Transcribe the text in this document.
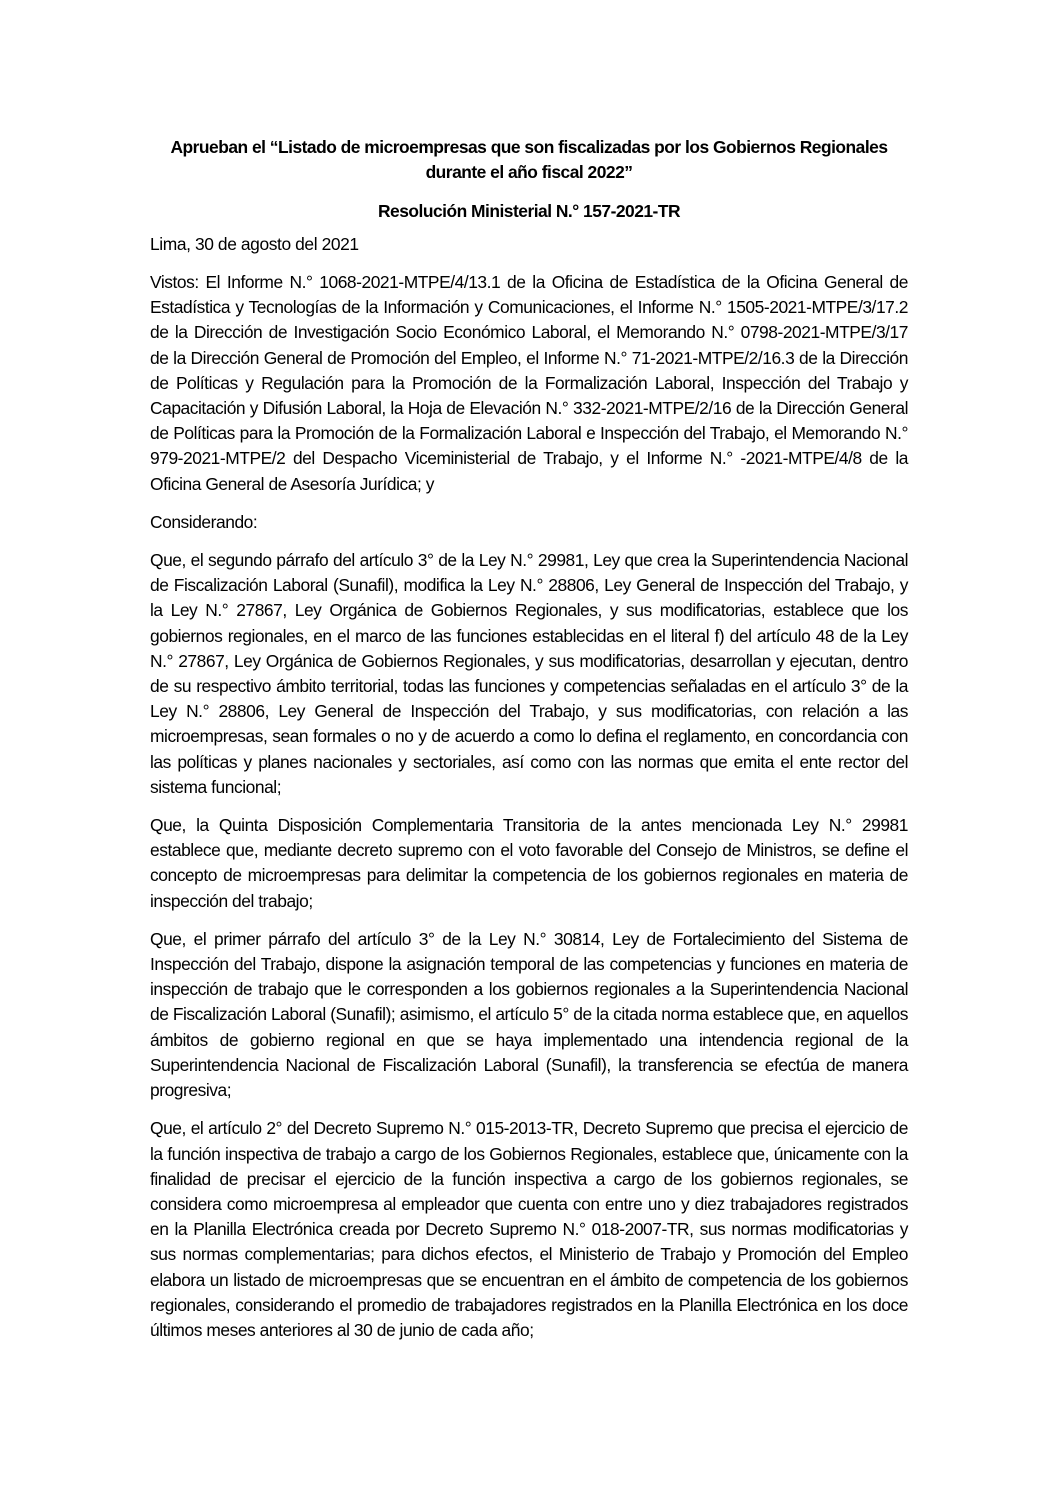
Aprueban el “Listado de microempresas que son fiscalizadas por los Gobiernos Regionales durante el año fiscal 2022”
Resolución Ministerial N.° 157-2021-TR
Lima, 30 de agosto del 2021
Vistos: El Informe N.° 1068-2021-MTPE/4/13.1 de la Oficina de Estadística de la Oficina General de Estadística y Tecnologías de la Información y Comunicaciones, el Informe N.° 1505-2021-MTPE/3/17.2 de la Dirección de Investigación Socio Económico Laboral, el Memorando N.° 0798-2021-MTPE/3/17 de la Dirección General de Promoción del Empleo, el Informe N.° 71-2021-MTPE/2/16.3 de la Dirección de Políticas y Regulación para la Promoción de la Formalización Laboral, Inspección del Trabajo y Capacitación y Difusión Laboral, la Hoja de Elevación N.° 332-2021-MTPE/2/16 de la Dirección General de Políticas para la Promoción de la Formalización Laboral e Inspección del Trabajo, el Memorando N.° 979-2021-MTPE/2 del Despacho Viceministerial de Trabajo, y el Informe N.° -2021-MTPE/4/8 de la Oficina General de Asesoría Jurídica; y
Considerando:
Que, el segundo párrafo del artículo 3° de la Ley N.° 29981, Ley que crea la Superintendencia Nacional de Fiscalización Laboral (Sunafil), modifica la Ley N.° 28806, Ley General de Inspección del Trabajo, y la Ley N.° 27867, Ley Orgánica de Gobiernos Regionales, y sus modificatorias, establece que los gobiernos regionales, en el marco de las funciones establecidas en el literal f) del artículo 48 de la Ley N.° 27867, Ley Orgánica de Gobiernos Regionales, y sus modificatorias, desarrollan y ejecutan, dentro de su respectivo ámbito territorial, todas las funciones y competencias señaladas en el artículo 3° de la Ley N.° 28806, Ley General de Inspección del Trabajo, y sus modificatorias, con relación a las microempresas, sean formales o no y de acuerdo a como lo defina el reglamento, en concordancia con las políticas y planes nacionales y sectoriales, así como con las normas que emita el ente rector del sistema funcional;
Que, la Quinta Disposición Complementaria Transitoria de la antes mencionada Ley N.° 29981 establece que, mediante decreto supremo con el voto favorable del Consejo de Ministros, se define el concepto de microempresas para delimitar la competencia de los gobiernos regionales en materia de inspección del trabajo;
Que, el primer párrafo del artículo 3° de la Ley N.° 30814, Ley de Fortalecimiento del Sistema de Inspección del Trabajo, dispone la asignación temporal de las competencias y funciones en materia de inspección de trabajo que le corresponden a los gobiernos regionales a la Superintendencia Nacional de Fiscalización Laboral (Sunafil); asimismo, el artículo 5° de la citada norma establece que, en aquellos ámbitos de gobierno regional en que se haya implementado una intendencia regional de la Superintendencia Nacional de Fiscalización Laboral (Sunafil), la transferencia se efectúa de manera progresiva;
Que, el artículo 2° del Decreto Supremo N.° 015-2013-TR, Decreto Supremo que precisa el ejercicio de la función inspectiva de trabajo a cargo de los Gobiernos Regionales, establece que, únicamente con la finalidad de precisar el ejercicio de la función inspectiva a cargo de los gobiernos regionales, se considera como microempresa al empleador que cuenta con entre uno y diez trabajadores registrados en la Planilla Electrónica creada por Decreto Supremo N.° 018-2007-TR, sus normas modificatorias y sus normas complementarias; para dichos efectos, el Ministerio de Trabajo y Promoción del Empleo elabora un listado de microempresas que se encuentran en el ámbito de competencia de los gobiernos regionales, considerando el promedio de trabajadores registrados en la Planilla Electrónica en los doce últimos meses anteriores al 30 de junio de cada año;
